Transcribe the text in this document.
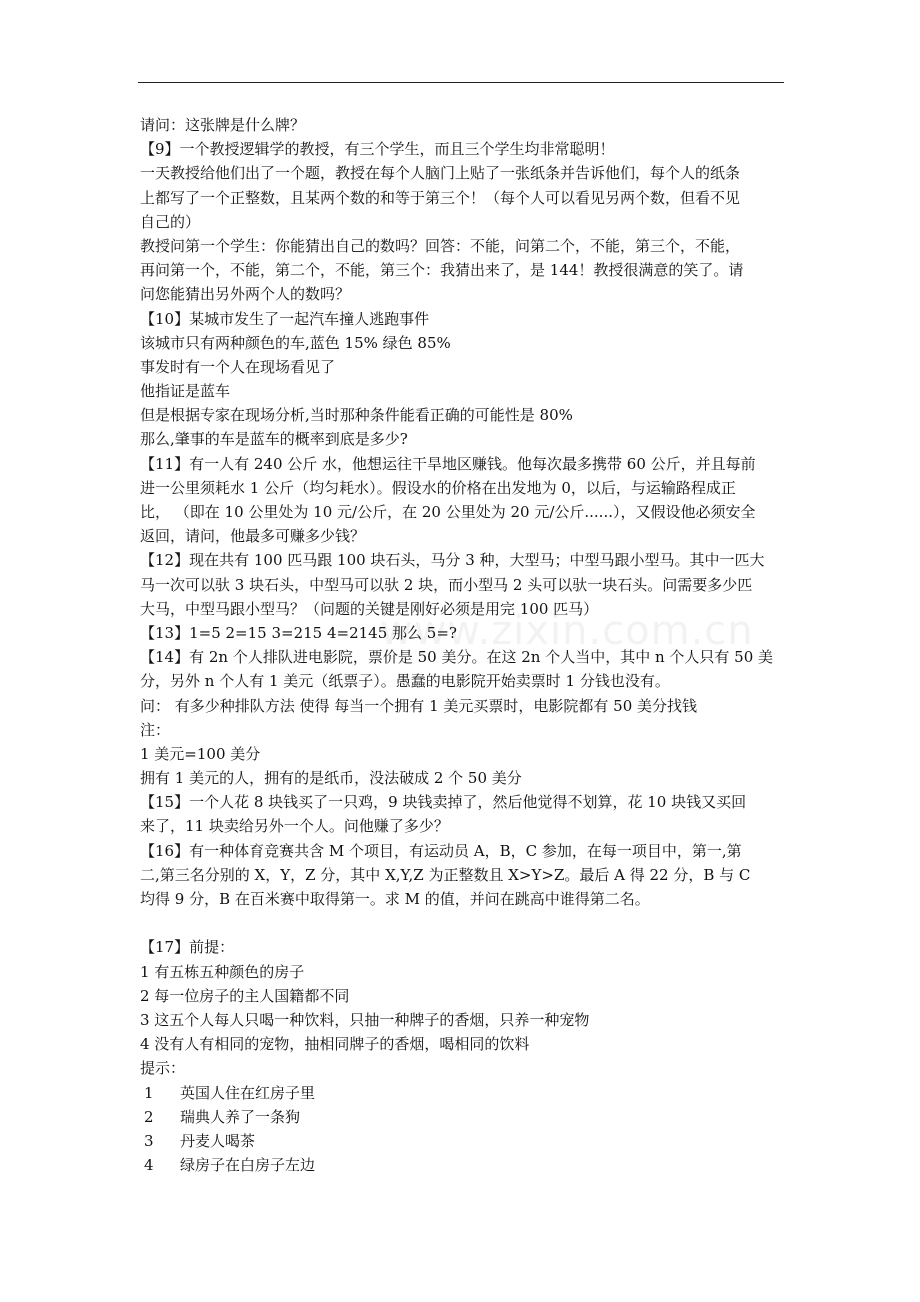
www.zixin.com.cn
请问：这张牌是什么牌？
【9】一个教授逻辑学的教授，有三个学生，而且三个学生均非常聪明！
一天教授给他们出了一个题，教授在每个人脑门上贴了一张纸条并告诉他们，每个人的纸条
上都写了一个正整数，且某两个数的和等于第三个！（每个人可以看见另两个数，但看不见
自己的）
教授问第一个学生：你能猜出自己的数吗？回答：不能，问第二个，不能，第三个，不能，
再问第一个，不能，第二个，不能，第三个：我猜出来了，是 144！教授很满意的笑了。请
问您能猜出另外两个人的数吗？
【10】某城市发生了一起汽车撞人逃跑事件
该城市只有两种颜色的车,蓝色 15% 绿色 85%
事发时有一个人在现场看见了
他指证是蓝车
但是根据专家在现场分析,当时那种条件能看正确的可能性是 80%
那么,肇事的车是蓝车的概率到底是多少?
【11】有一人有 240 公斤 水，他想运往干旱地区赚钱。他每次最多携带 60 公斤，并且每前
进一公里须耗水 1 公斤（均匀耗水）。假设水的价格在出发地为 0，以后，与运输路程成正
比， （即在 10 公里处为 10 元/公斤，在 20 公里处为 20 元/公斤......），又假设他必须安全
返回，请问，他最多可赚多少钱？
【12】现在共有 100 匹马跟 100 块石头，马分 3 种，大型马；中型马跟小型马。其中一匹大
马一次可以驮 3 块石头，中型马可以驮 2 块，而小型马 2 头可以驮一块石头。问需要多少匹
大马，中型马跟小型马？（问题的关键是刚好必须是用完 100 匹马）
【13】1=5 2=15 3=215 4=2145 那么 5=?
【14】有 2n 个人排队进电影院，票价是 50 美分。在这 2n 个人当中，其中 n 个人只有 50 美
分，另外 n 个人有 1 美元（纸票子）。愚蠢的电影院开始卖票时 1 分钱也没有。
问： 有多少种排队方法 使得 每当一个拥有 1 美元买票时，电影院都有 50 美分找钱
注：
1 美元=100 美分
拥有 1 美元的人，拥有的是纸币，没法破成 2 个 50 美分
【15】一个人花 8 块钱买了一只鸡，9 块钱卖掉了，然后他觉得不划算，花 10 块钱又买回
来了，11 块卖给另外一个人。问他赚了多少？
【16】有一种体育竞赛共含 M 个项目，有运动员 A，B，C 参加，在每一项目中，第一,第
二,第三名分别的 X，Y，Z 分，其中 X,Y,Z 为正整数且 X>Y>Z。最后 A 得 22 分，B 与 C
均得 9 分，B 在百米赛中取得第一。求 M 的值，并问在跳高中谁得第二名。
【17】前提：
1 有五栋五种颜色的房子
2 每一位房子的主人国籍都不同
3 这五个人每人只喝一种饮料，只抽一种牌子的香烟，只养一种宠物
4 没有人有相同的宠物，抽相同牌子的香烟，喝相同的饮料
提示：
1	英国人住在红房子里
2	瑞典人养了一条狗
3	丹麦人喝茶
4	绿房子在白房子左边
